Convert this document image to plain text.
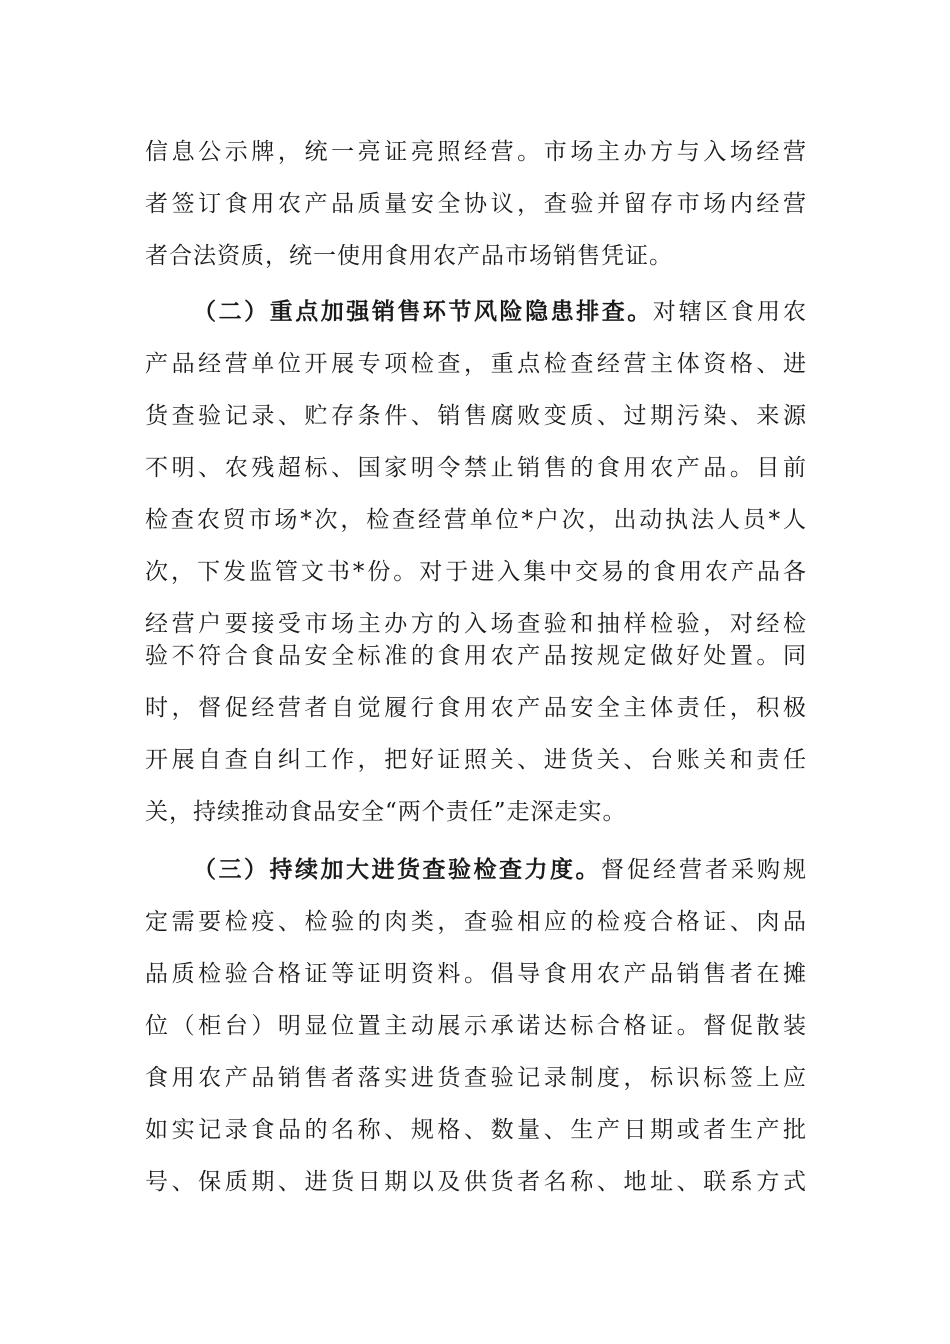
信息公示牌，统一亮证亮照经营。市场主办方与入场经营
者签订食用农产品质量安全协议，查验并留存市场内经营
者合法资质，统一使用食用农产品市场销售凭证。
（二）重点加强销售环节风险隐患排查。对辖区食用农
产品经营单位开展专项检查，重点检查经营主体资格、进
货查验记录、贮存条件、销售腐败变质、过期污染、来源
不明、农残超标、国家明令禁止销售的食用农产品。目前
检查农贸市场*次，检查经营单位*户次，出动执法人员*人
次，下发监管文书*份。对于进入集中交易的食用农产品各
经营户要接受市场主办方的入场查验和抽样检验，对经检
验不符合食品安全标准的食用农产品按规定做好处置。同
时，督促经营者自觉履行食用农产品安全主体责任，积极
开展自查自纠工作，把好证照关、进货关、台账关和责任
关，持续推动食品安全“两个责任”走深走实。
（三）持续加大进货查验检查力度。督促经营者采购规
定需要检疫、检验的肉类，查验相应的检疫合格证、肉品
品质检验合格证等证明资料。倡导食用农产品销售者在摊
位（柜台）明显位置主动展示承诺达标合格证。督促散装
食用农产品销售者落实进货查验记录制度，标识标签上应
如实记录食品的名称、规格、数量、生产日期或者生产批
号、保质期、进货日期以及供货者名称、地址、联系方式
